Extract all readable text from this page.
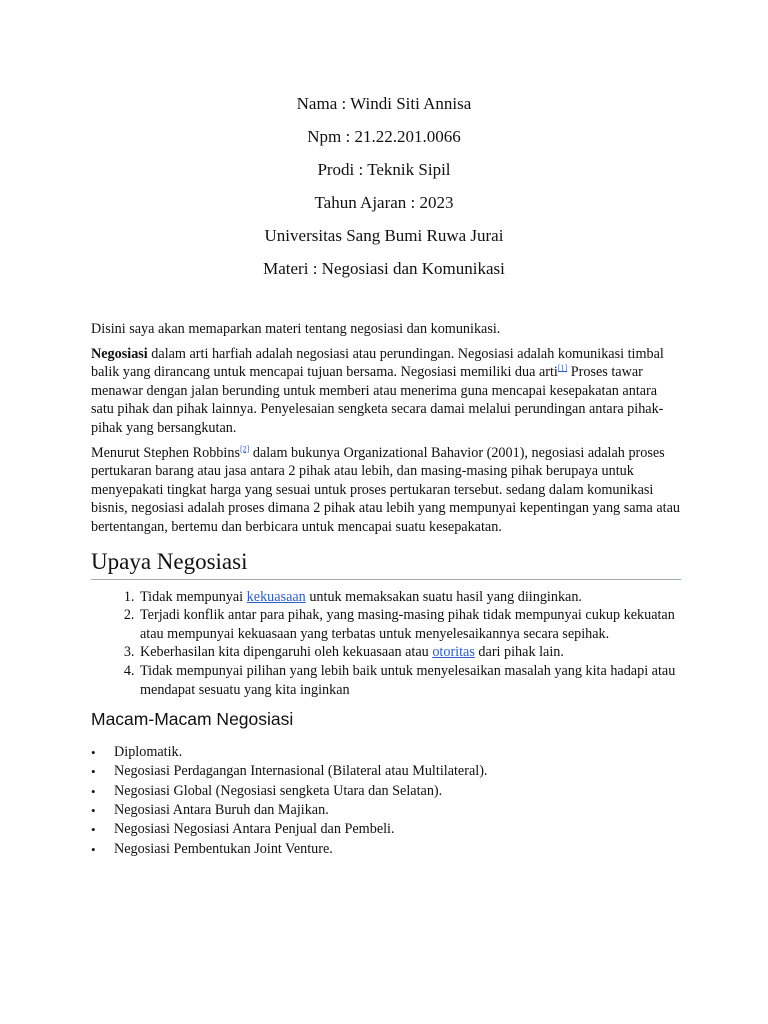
Nama : Windi Siti Annisa
Npm : 21.22.201.0066
Prodi : Teknik Sipil
Tahun Ajaran : 2023
Universitas Sang Bumi Ruwa Jurai
Materi : Negosiasi dan Komunikasi

Disini saya akan memaparkan materi tentang negosiasi dan komunikasi.

Negosiasi dalam arti harfiah adalah negosiasi atau perundingan. Negosiasi adalah komunikasi timbal balik yang dirancang untuk mencapai tujuan bersama. Negosiasi memiliki dua arti[1] Proses tawar menawar dengan jalan berunding untuk memberi atau menerima guna mencapai kesepakatan antara satu pihak dan pihak lainnya. Penyelesaian sengketa secara damai melalui perundingan antara pihak-pihak yang bersangkutan.

Menurut Stephen Robbins[2] dalam bukunya Organizational Bahavior (2001), negosiasi adalah proses pertukaran barang atau jasa antara 2 pihak atau lebih, dan masing-masing pihak berupaya untuk menyepakati tingkat harga yang sesuai untuk proses pertukaran tersebut. sedang dalam komunikasi bisnis, negosiasi adalah proses dimana 2 pihak atau lebih yang mempunyai kepentingan yang sama atau bertentangan, bertemu dan berbicara untuk mencapai suatu kesepakatan.

Upaya Negosiasi
1. Tidak mempunyai kekuasaan untuk memaksakan suatu hasil yang diinginkan.
2. Terjadi konflik antar para pihak, yang masing-masing pihak tidak mempunyai cukup kekuatan atau mempunyai kekuasaan yang terbatas untuk menyelesaikannya secara sepihak.
3. Keberhasilan kita dipengaruhi oleh kekuasaan atau otoritas dari pihak lain.
4. Tidak mempunyai pilihan yang lebih baik untuk menyelesaikan masalah yang kita hadapi atau mendapat sesuatu yang kita inginkan
Macam-Macam Negosiasi
• Diplomatik.
• Negosiasi Perdagangan Internasional (Bilateral atau Multilateral).
• Negosiasi Global (Negosiasi sengketa Utara dan Selatan).
• Negosiasi Antara Buruh dan Majikan.
• Negosiasi Negosiasi Antara Penjual dan Pembeli.
• Negosiasi Pembentukan Joint Venture.
